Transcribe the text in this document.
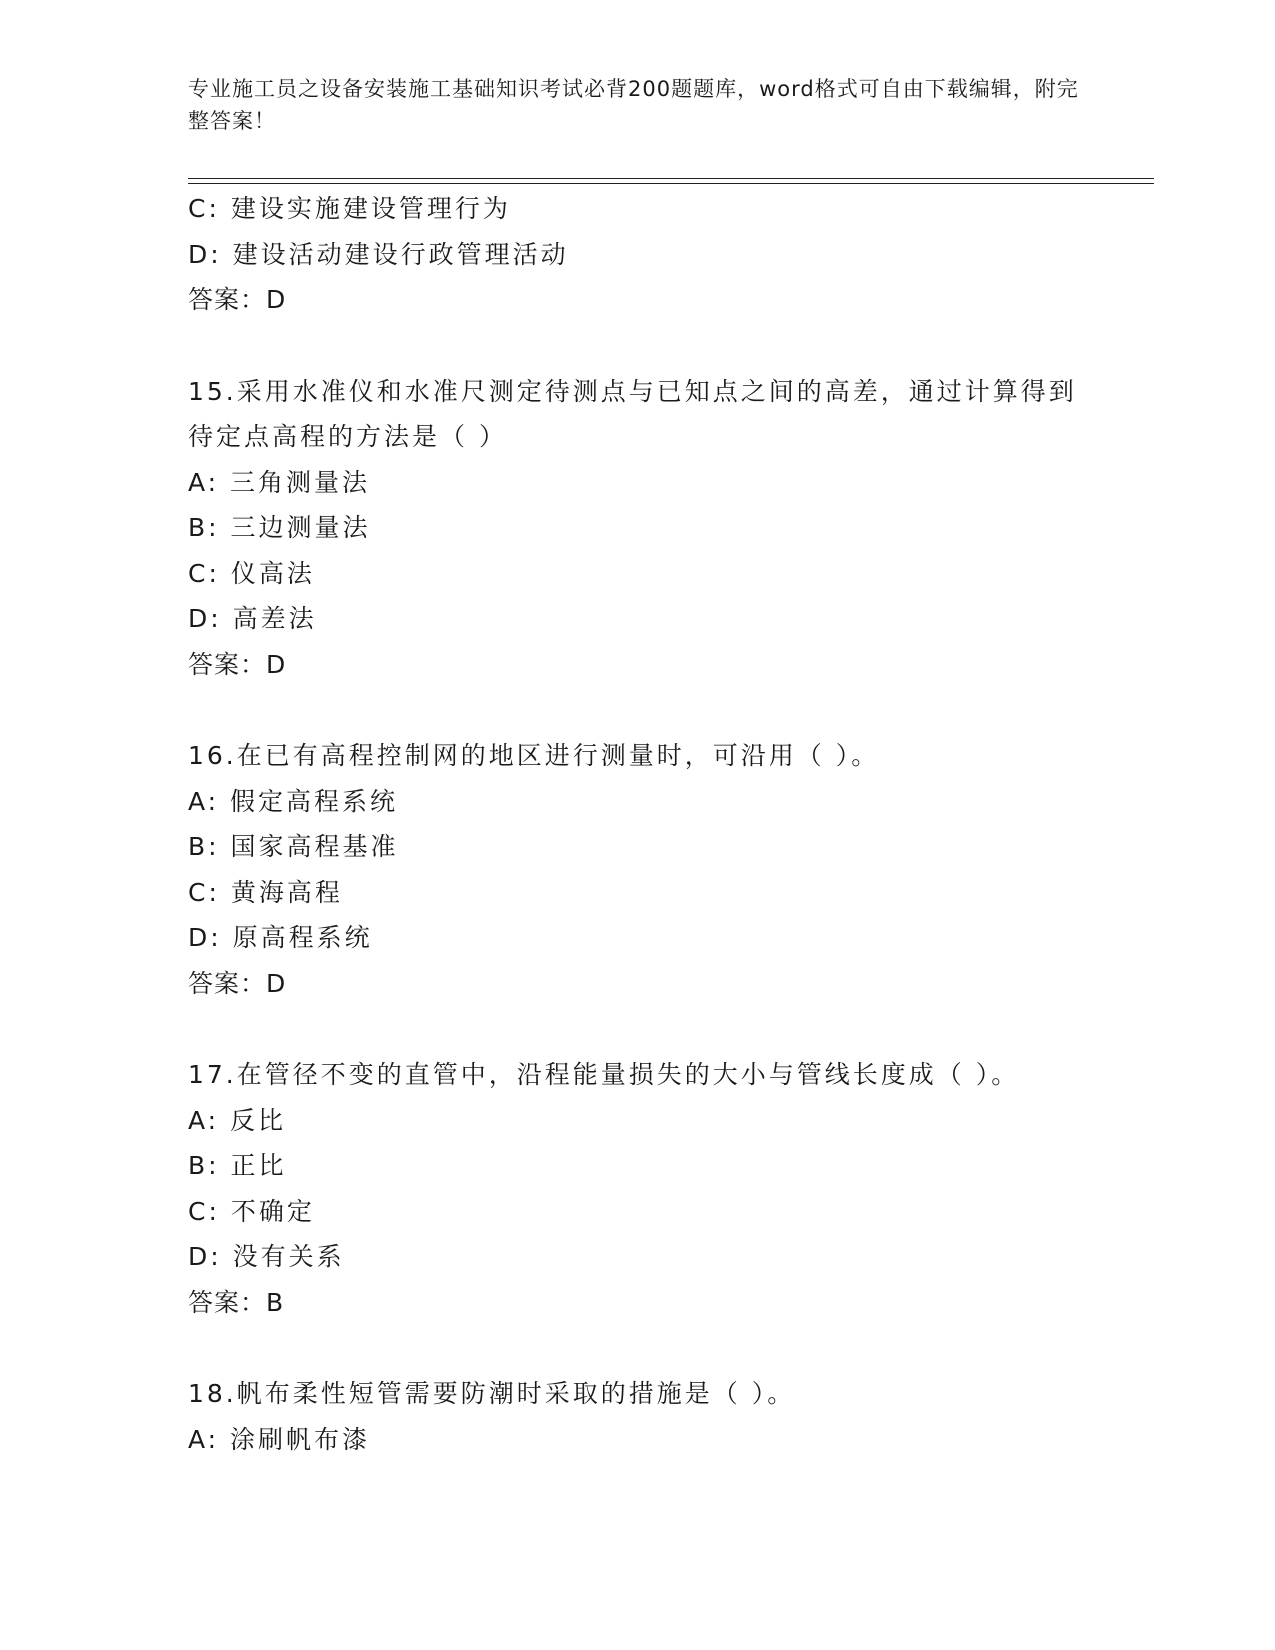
专业施工员之设备安装施工基础知识考试必背200题题库，word格式可自由下载编辑，附完整答案！
C: 建设实施建设管理行为
D: 建设活动建设行政管理活动
答案：D
15.采用水准仪和水准尺测定待测点与已知点之间的高差，通过计算得到待定点高程的方法是（ ）
A: 三角测量法
B: 三边测量法
C: 仪高法
D: 高差法
答案：D
16.在已有高程控制网的地区进行测量时，可沿用（ ）。
A: 假定高程系统
B: 国家高程基准
C: 黄海高程
D: 原高程系统
答案：D
17.在管径不变的直管中，沿程能量损失的大小与管线长度成（ ）。
A: 反比
B: 正比
C: 不确定
D: 没有关系
答案：B
18.帆布柔性短管需要防潮时采取的措施是（ ）。
A: 涂刷帆布漆
